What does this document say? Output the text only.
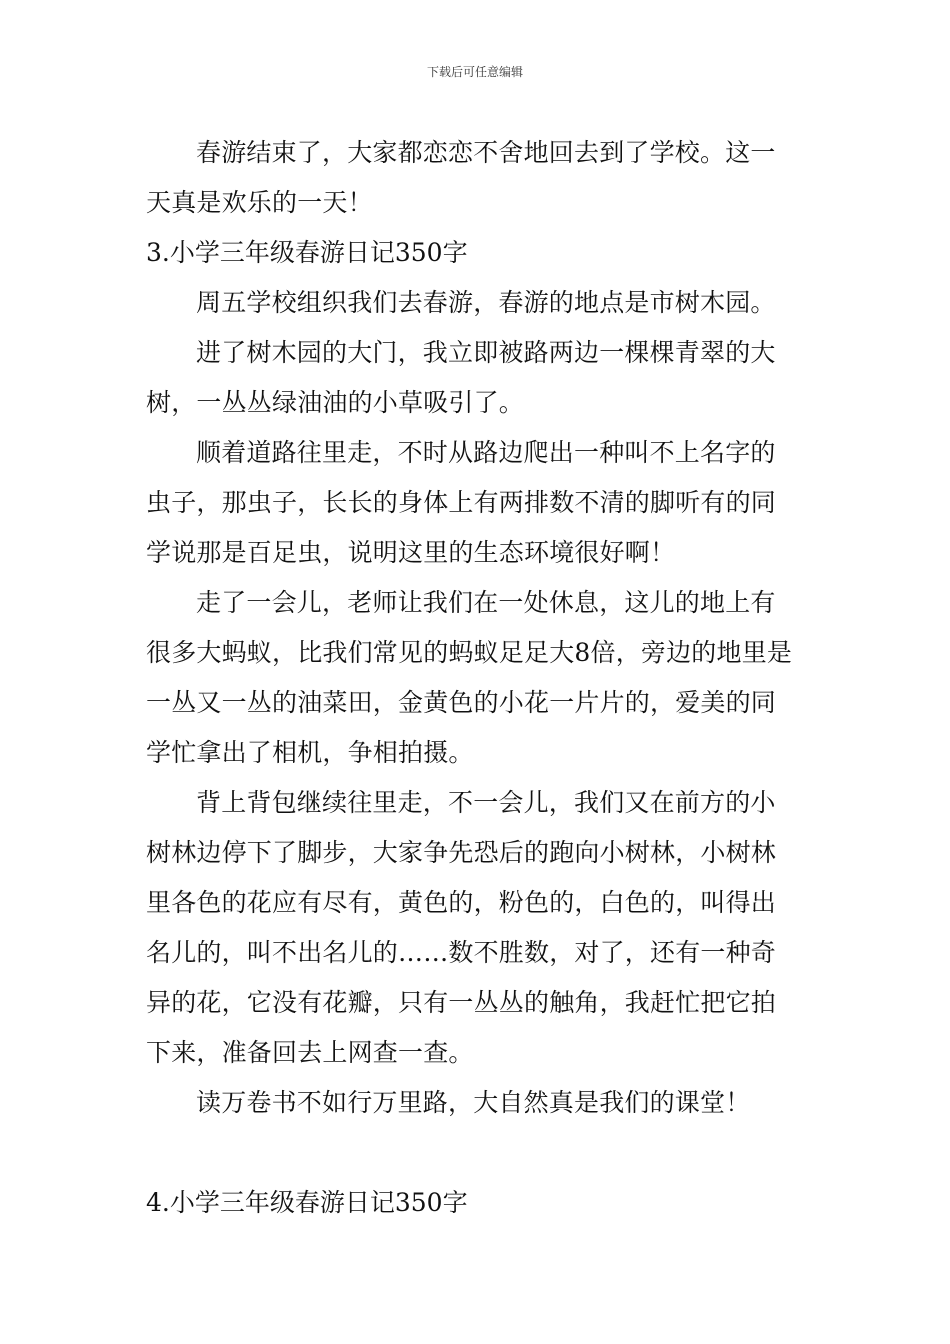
下载后可任意编辑
春游结束了，大家都恋恋不舍地回去到了学校。这一
天真是欢乐的一天！
3.小学三年级春游日记350字
周五学校组织我们去春游，春游的地点是市树木园。
进了树木园的大门，我立即被路两边一棵棵青翠的大
树，一丛丛绿油油的小草吸引了。
顺着道路往里走，不时从路边爬出一种叫不上名字的
虫子，那虫子，长长的身体上有两排数不清的脚听有的同
学说那是百足虫，说明这里的生态环境很好啊！
走了一会儿，老师让我们在一处休息，这儿的地上有
很多大蚂蚁，比我们常见的蚂蚁足足大8倍，旁边的地里是
一丛又一丛的油菜田，金黄色的小花一片片的，爱美的同
学忙拿出了相机，争相拍摄。
背上背包继续往里走，不一会儿，我们又在前方的小
树林边停下了脚步，大家争先恐后的跑向小树林，小树林
里各色的花应有尽有，黄色的，粉色的，白色的，叫得出
名儿的，叫不出名儿的……数不胜数，对了，还有一种奇
异的花，它没有花瓣，只有一丛丛的触角，我赶忙把它拍
下来，准备回去上网查一查。
读万卷书不如行万里路，大自然真是我们的课堂！
4.小学三年级春游日记350字
